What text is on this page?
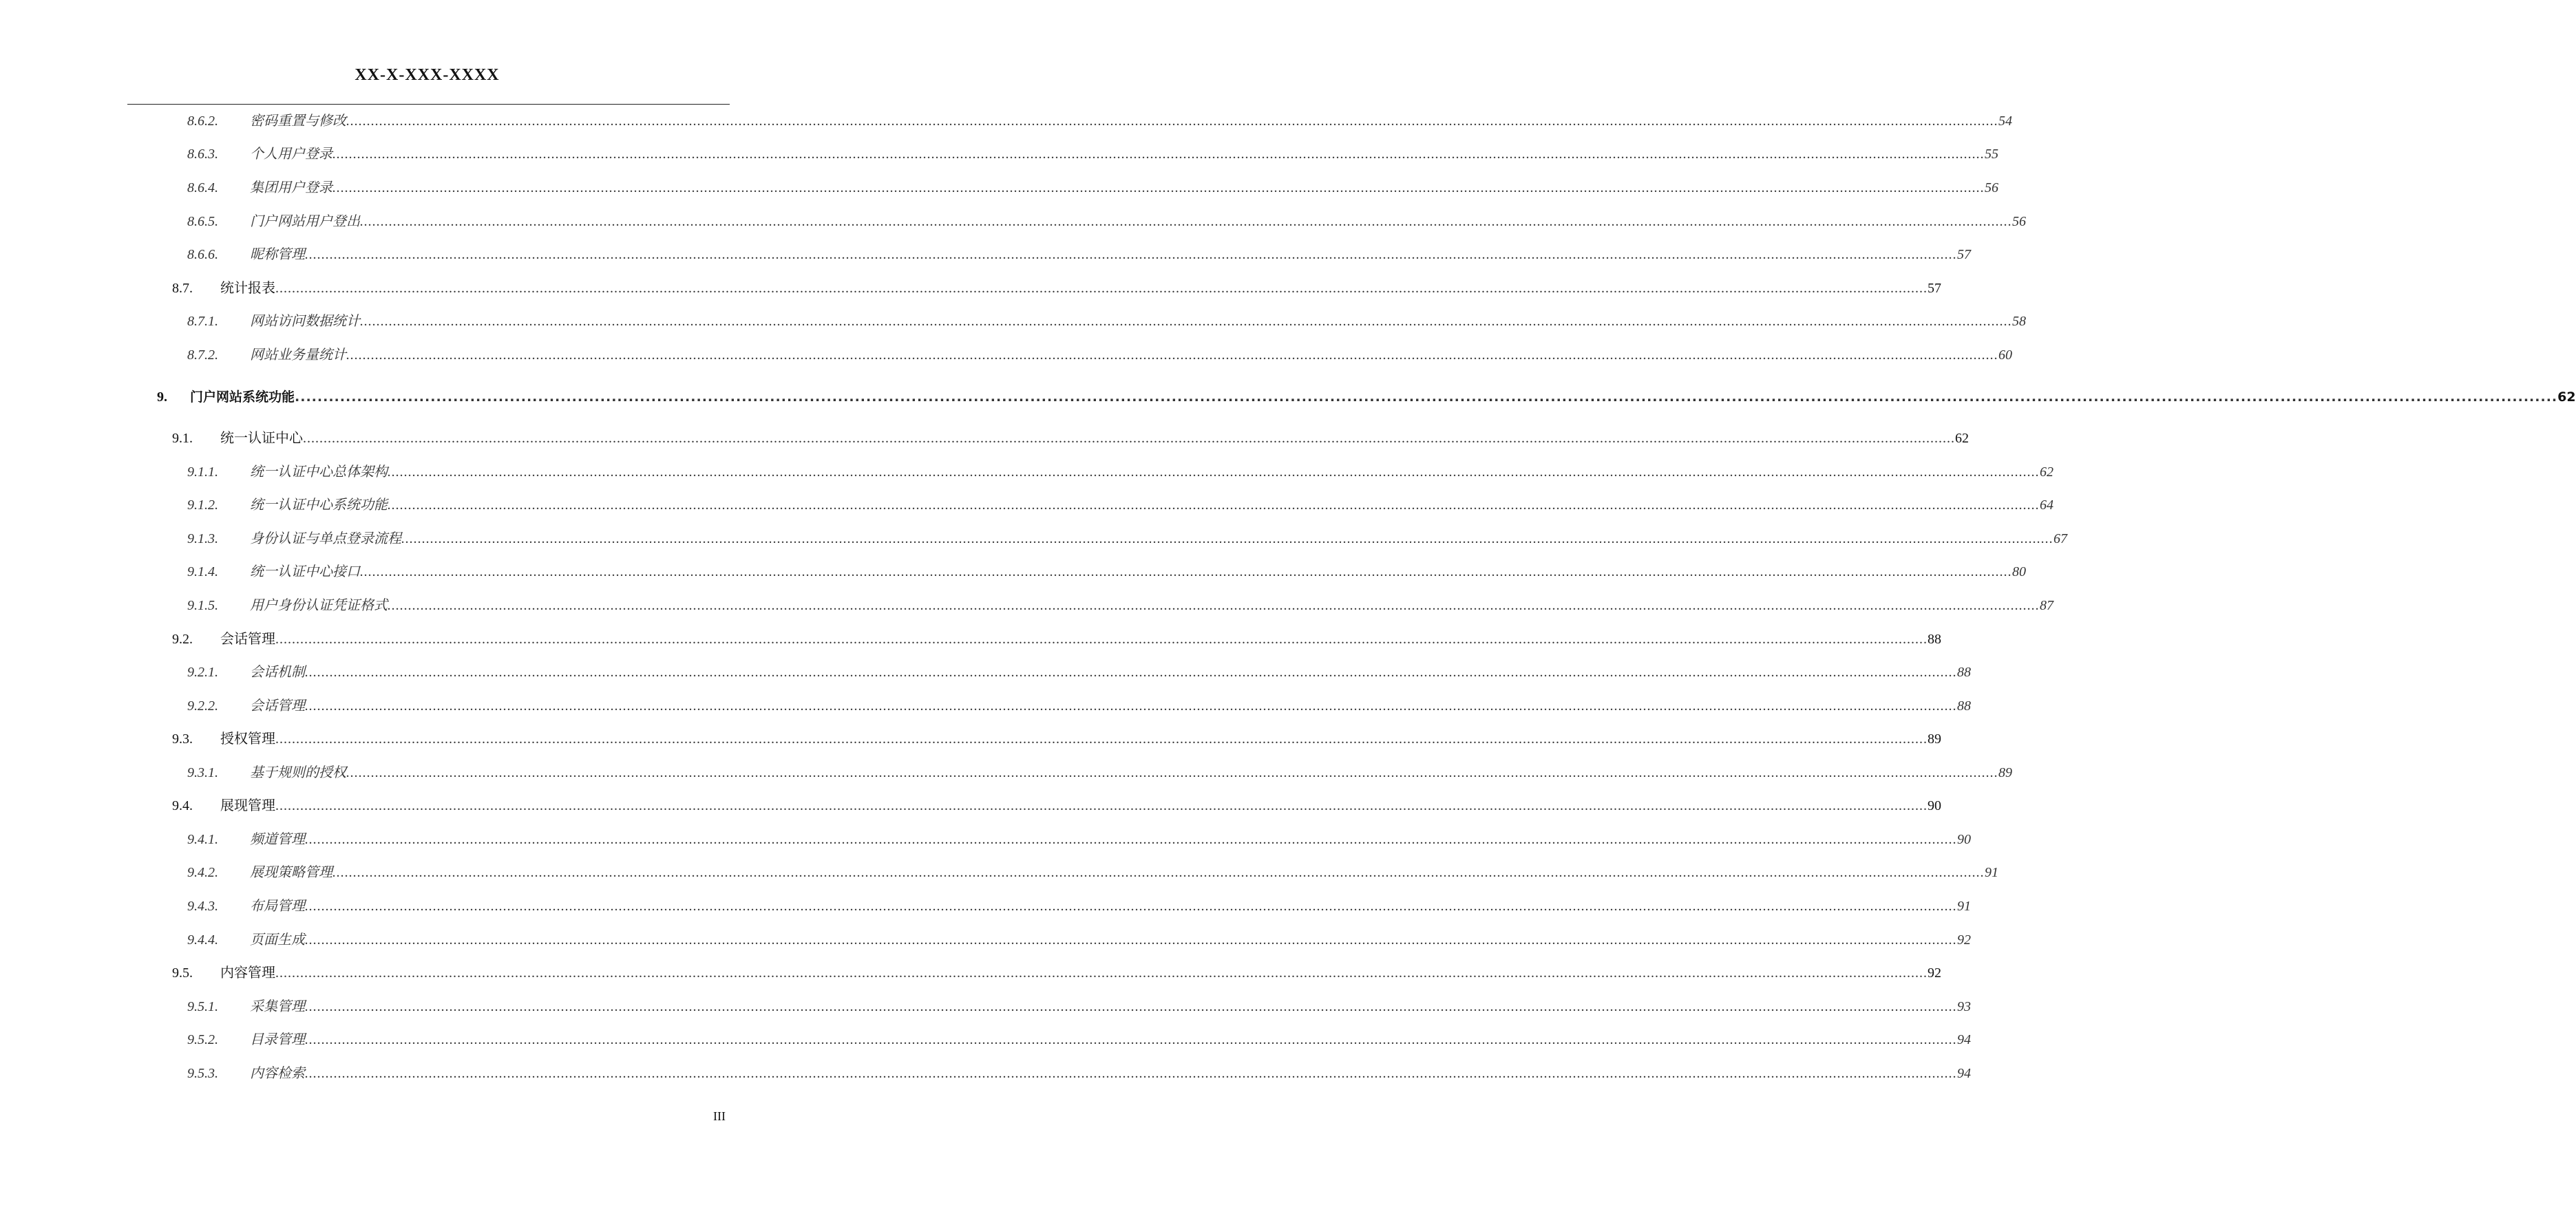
XX-X-XXX-XXXX
8.6.2. 密码重置与修改 ................................................................................................................................................................................................................................................................................................................................................................................................................ 54
8.6.3. 个人用户登录 ................................................................................................................................................................................................................................................................................................................................................................................................................ 55
8.6.4. 集团用户登录 ................................................................................................................................................................................................................................................................................................................................................................................................................ 56
8.6.5. 门户网站用户登出 ................................................................................................................................................................................................................................................................................................................................................................................................................ 56
8.6.6. 昵称管理 ................................................................................................................................................................................................................................................................................................................................................................................................................ 57
8.7. 统计报表 ................................................................................................................................................................................................................................................................................................................................................................................................................ 57
8.7.1. 网站访问数据统计 ................................................................................................................................................................................................................................................................................................................................................................................................................ 58
8.7.2. 网站业务量统计 ................................................................................................................................................................................................................................................................................................................................................................................................................ 60
9. 门户网站系统功能 ................................................................................................................................................................................................................................................................................................................................................................................................................ 62
9.1. 统一认证中心 ................................................................................................................................................................................................................................................................................................................................................................................................................ 62
9.1.1. 统一认证中心总体架构 ................................................................................................................................................................................................................................................................................................................................................................................................................ 62
9.1.2. 统一认证中心系统功能 ................................................................................................................................................................................................................................................................................................................................................................................................................ 64
9.1.3. 身份认证与单点登录流程 ................................................................................................................................................................................................................................................................................................................................................................................................................ 67
9.1.4. 统一认证中心接口 ................................................................................................................................................................................................................................................................................................................................................................................................................ 80
9.1.5. 用户身份认证凭证格式 ................................................................................................................................................................................................................................................................................................................................................................................................................ 87
9.2. 会话管理 ................................................................................................................................................................................................................................................................................................................................................................................................................ 88
9.2.1. 会话机制 ................................................................................................................................................................................................................................................................................................................................................................................................................ 88
9.2.2. 会话管理 ................................................................................................................................................................................................................................................................................................................................................................................................................ 88
9.3. 授权管理 ................................................................................................................................................................................................................................................................................................................................................................................................................ 89
9.3.1. 基于规则的授权 ................................................................................................................................................................................................................................................................................................................................................................................................................ 89
9.4. 展现管理 ................................................................................................................................................................................................................................................................................................................................................................................................................ 90
9.4.1. 频道管理 ................................................................................................................................................................................................................................................................................................................................................................................................................ 90
9.4.2. 展现策略管理 ................................................................................................................................................................................................................................................................................................................................................................................................................ 91
9.4.3. 布局管理 ................................................................................................................................................................................................................................................................................................................................................................................................................ 91
9.4.4. 页面生成 ................................................................................................................................................................................................................................................................................................................................................................................................................ 92
9.5. 内容管理 ................................................................................................................................................................................................................................................................................................................................................................................................................ 92
9.5.1. 采集管理 ................................................................................................................................................................................................................................................................................................................................................................................................................ 93
9.5.2. 目录管理 ................................................................................................................................................................................................................................................................................................................................................................................................................ 94
9.5.3. 内容检索 ................................................................................................................................................................................................................................................................................................................................................................................................................ 94
III
